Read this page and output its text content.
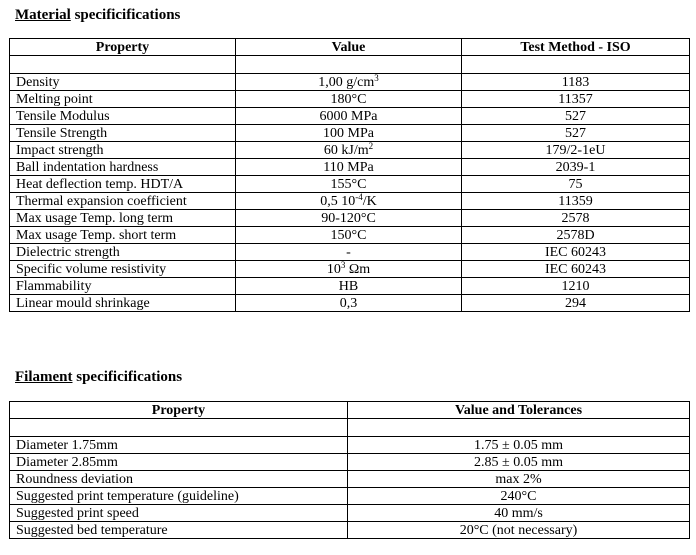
Material specificifications
Property	Value	Test Method - ISO

Density	1,00 $g/cm^3$	1183
Melting point	180°C	11357
Tensile Modulus	6000 MPa	527
Tensile Strength	100 MPa	527
Impact strength	60 $kJ/m^2$	179/2-1eU
Ball indentation hardness	110 MPa	2039-1
Heat deflection temp. HDT/A	155°C	75
Thermal expansion coefficient	0,5 $10^{-4}/K$	11359
Max usage Temp. long term	90-120°C	2578
Max usage Temp. short term	150°C	2578D
Dielectric strength	-	IEC 60243
Specific volume resistivity	$10^3$ Ωm	IEC 60243
Flammability	HB	1210
Linear mould shrinkage	0,3	294
Filament specificifications
Property	Value and Tolerances

Diameter 1.75mm	1.75 ± 0.05 mm
Diameter 2.85mm	2.85 ± 0.05 mm
Roundness deviation	max 2%
Suggested print temperature (guideline)	240°C
Suggested print speed	40 mm/s
Suggested bed temperature	20°C (not necessary)
